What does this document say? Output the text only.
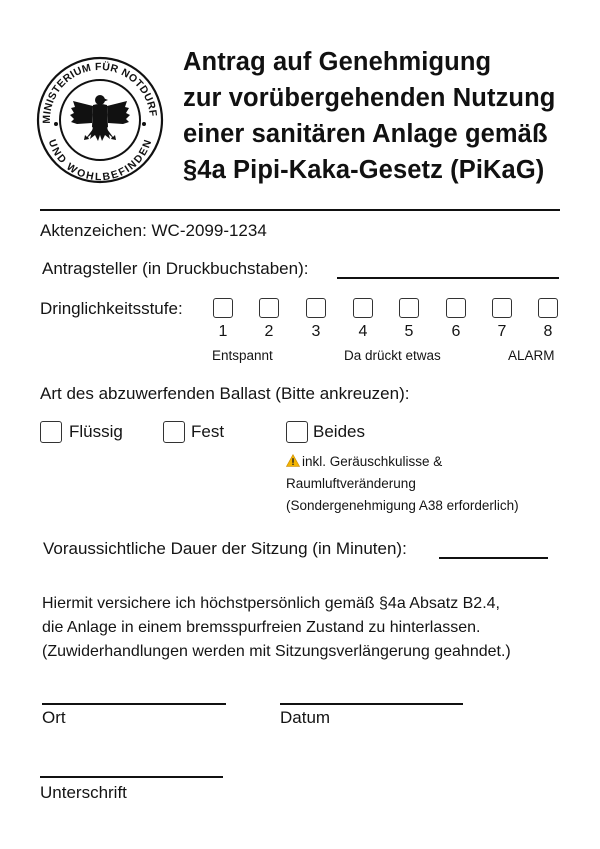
MINISTERIUM FÜR NOTDURF
UND WOHLBEFINDEN
Antrag auf Genehmigung
zur vorübergehenden Nutzung
einer sanitären Anlage gemäß
§4a Pipi-Kaka-Gesetz (PiKaG)
Aktenzeichen: WC-2099-1234
Antragsteller (in Druckbuchstaben):
Dringlichkeitsstufe:
1	2	3	4	5	6	7	8
Entspannt	Da drückt etwas	ALARM
Art des abzuwerfenden Ballast (Bitte ankreuzen):
Flüssig	Fest	Beides
inkl. Geräuschkulisse &
Raumluftveränderung
(Sondergenehmigung A38 erforderlich)
Voraussichtliche Dauer der Sitzung (in Minuten):
Hiermit versichere ich höchstpersönlich gemäß §4a Absatz B2.4,
die Anlage in einem bremsspurfreien Zustand zu hinterlassen.
(Zuwiderhandlungen werden mit Sitzungsverlängerung geahndet.)
Ort	Datum
Unterschrift
